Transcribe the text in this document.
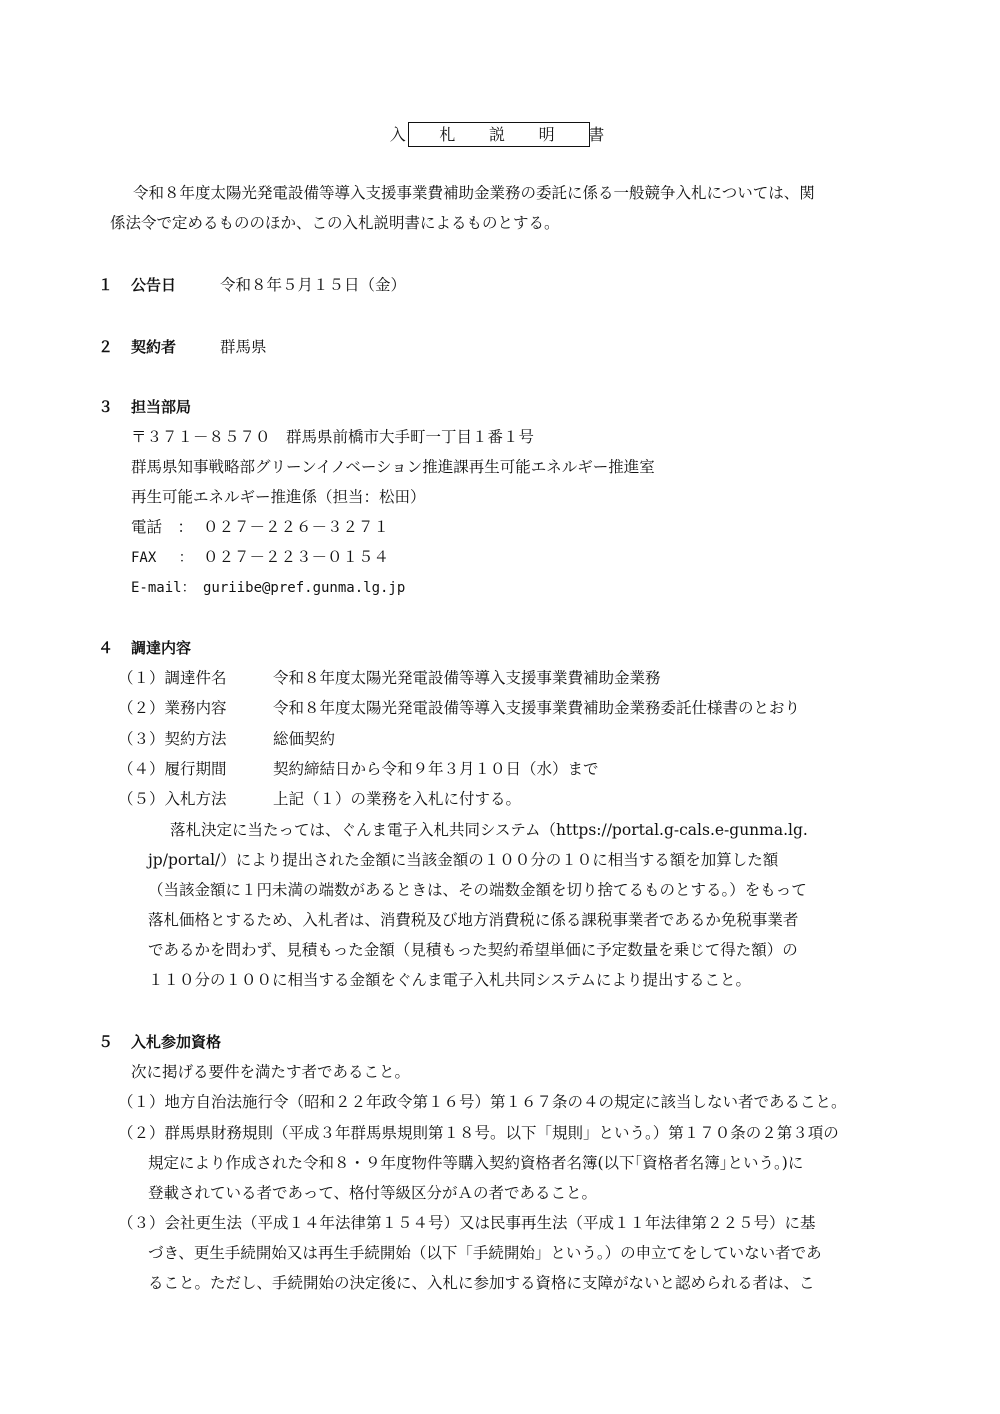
入　札　説　明　書
令和８年度太陽光発電設備等導入支援事業費補助金業務の委託に係る一般競争入札については、関
係法令で定めるもののほか、この入札説明書によるものとする。
１ 公告日	令和８年５月１５日（金）
２ 契約者	群馬県
３ 担当部局
〒３７１－８５７０　群馬県前橋市大手町一丁目１番１号
群馬県知事戦略部グリーンイノベーション推進課再生可能エネルギー推進室
再生可能エネルギー推進係（担当：松田）
電話　： ０２７－２２６－３２７１
FAX　 ： ０２７－２２３－０１５４
E-mail： guriibe@pref.gunma.lg.jp
４ 調達内容
（１）調達件名	令和８年度太陽光発電設備等導入支援事業費補助金業務
（２）業務内容	令和８年度太陽光発電設備等導入支援事業費補助金業務委託仕様書のとおり
（３）契約方法	総価契約
（４）履行期間	契約締結日から令和９年３月１０日（水）まで
（５）入札方法	上記（１）の業務を入札に付する。
落札決定に当たっては、ぐんま電子入札共同システム（https://portal.g-cals.e-gunma.lg.
jp/portal/）により提出された金額に当該金額の１００分の１０に相当する額を加算した額
（当該金額に１円未満の端数があるときは、その端数金額を切り捨てるものとする。）をもって
落札価格とするため、入札者は、消費税及び地方消費税に係る課税事業者であるか免税事業者
であるかを問わず、見積もった金額（見積もった契約希望単価に予定数量を乗じて得た額）の
１１０分の１００に相当する金額をぐんま電子入札共同システムにより提出すること。
５ 入札参加資格
次に掲げる要件を満たす者であること。
（１）地方自治法施行令（昭和２２年政令第１６号）第１６７条の４の規定に該当しない者であること。
（２）群馬県財務規則（平成３年群馬県規則第１８号。以下「規則」という。）第１７０条の２第３項の
規定により作成された令和８・９年度物件等購入契約資格者名簿(以下｢資格者名簿｣という。)に
登載されている者であって、格付等級区分がＡの者であること。
（３）会社更生法（平成１４年法律第１５４号）又は民事再生法（平成１１年法律第２２５号）に基
づき、更生手続開始又は再生手続開始（以下「手続開始」という。）の申立てをしていない者であ
ること。ただし、手続開始の決定後に、入札に参加する資格に支障がないと認められる者は、こ
